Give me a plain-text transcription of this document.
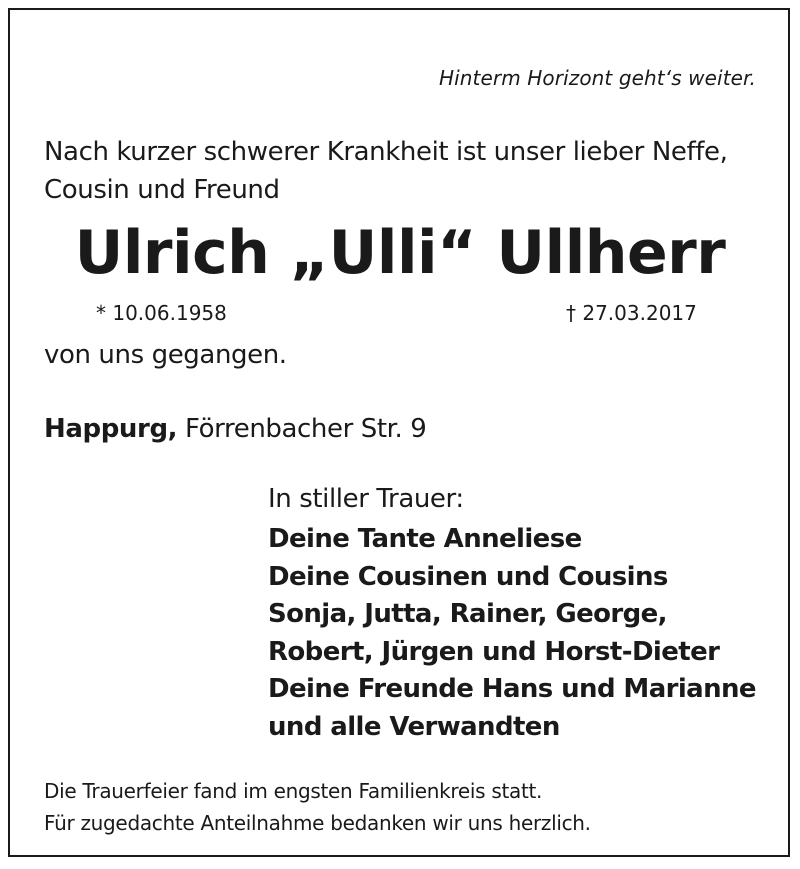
Hinterm Horizont geht‘s weiter.
Nach kurzer schwerer Krankheit ist unser lieber Neffe,
Cousin und Freund
Ulrich „Ulli“ Ullherr
* 10.06.1958	† 27.03.2017
von uns gegangen.
Happurg, Förrenbacher Str. 9
In stiller Trauer:
Deine Tante Anneliese
Deine Cousinen und Cousins
Sonja, Jutta, Rainer, George,
Robert, Jürgen und Horst-Dieter
Deine Freunde Hans und Marianne
und alle Verwandten
Die Trauerfeier fand im engsten Familienkreis statt.
Für zugedachte Anteilnahme bedanken wir uns herzlich.
